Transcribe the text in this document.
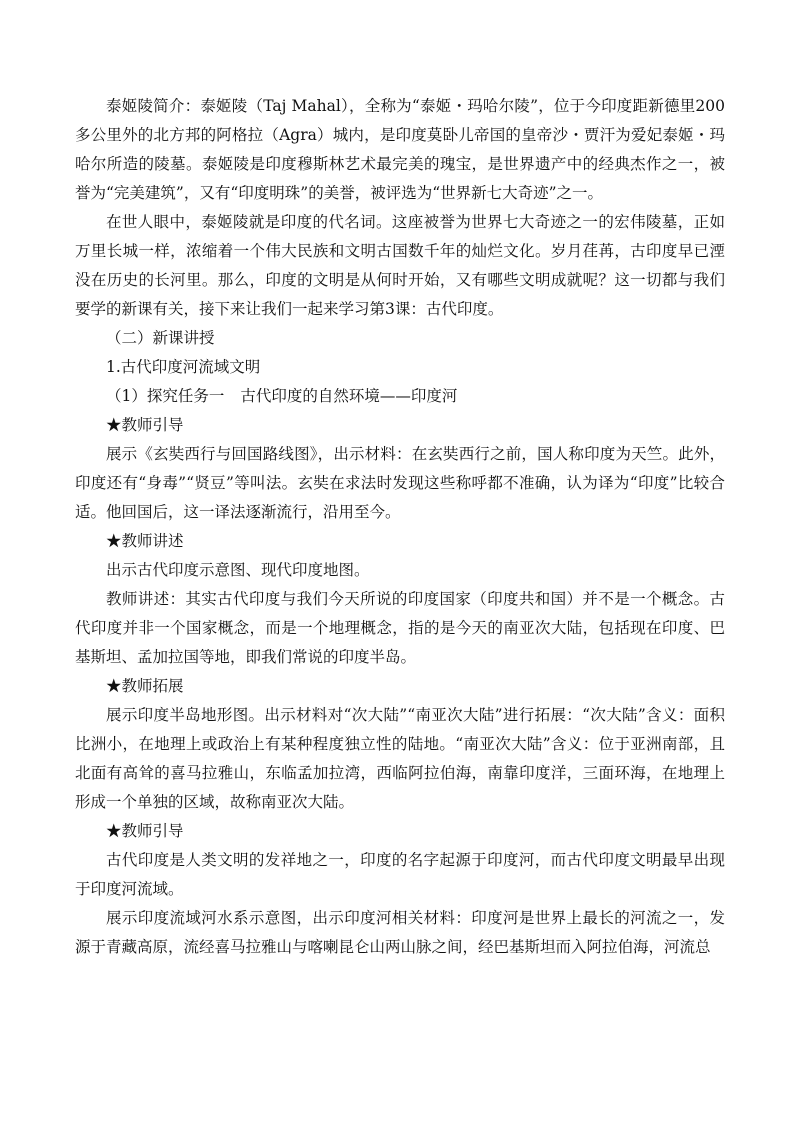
泰姬陵简介：泰姬陵（Taj Mahal），全称为“泰姬・玛哈尔陵”，位于今印度距新德里200多公里外的北方邦的阿格拉（Agra）城内，是印度莫卧儿帝国的皇帝沙・贾汗为爱妃泰姬・玛哈尔所造的陵墓。泰姬陵是印度穆斯林艺术最完美的瑰宝，是世界遗产中的经典杰作之一，被誉为“完美建筑”，又有“印度明珠”的美誉，被评选为“世界新七大奇迹”之一。

在世人眼中，泰姬陵就是印度的代名词。这座被誉为世界七大奇迹之一的宏伟陵墓，正如万里长城一样，浓缩着一个伟大民族和文明古国数千年的灿烂文化。岁月荏苒，古印度早已湮没在历史的长河里。那么，印度的文明是从何时开始，又有哪些文明成就呢？这一切都与我们要学的新课有关，接下来让我们一起来学习第3课：古代印度。

（二）新课讲授

1.古代印度河流域文明

（1）探究任务一 古代印度的自然环境——印度河

★教师引导

展示《玄奘西行与回国路线图》，出示材料：在玄奘西行之前，国人称印度为天竺。此外，印度还有“身毒”“贤豆”等叫法。玄奘在求法时发现这些称呼都不准确，认为译为“印度”比较合适。他回国后，这一译法逐渐流行，沿用至今。

★教师讲述

出示古代印度示意图、现代印度地图。

教师讲述：其实古代印度与我们今天所说的印度国家（印度共和国）并不是一个概念。古代印度并非一个国家概念，而是一个地理概念，指的是今天的南亚次大陆，包括现在印度、巴基斯坦、孟加拉国等地，即我们常说的印度半岛。

★教师拓展

展示印度半岛地形图。出示材料对“次大陆”“南亚次大陆”进行拓展：“次大陆”含义：面积比洲小，在地理上或政治上有某种程度独立性的陆地。“南亚次大陆”含义：位于亚洲南部，且北面有高耸的喜马拉雅山，东临孟加拉湾，西临阿拉伯海，南靠印度洋，三面环海，在地理上形成一个单独的区域，故称南亚次大陆。

★教师引导

古代印度是人类文明的发祥地之一，印度的名字起源于印度河，而古代印度文明最早出现于印度河流域。

展示印度流域河水系示意图，出示印度河相关材料：印度河是世界上最长的河流之一，发源于青藏高原，流经喜马拉雅山与喀喇昆仑山两山脉之间，经巴基斯坦而入阿拉伯海，河流总
